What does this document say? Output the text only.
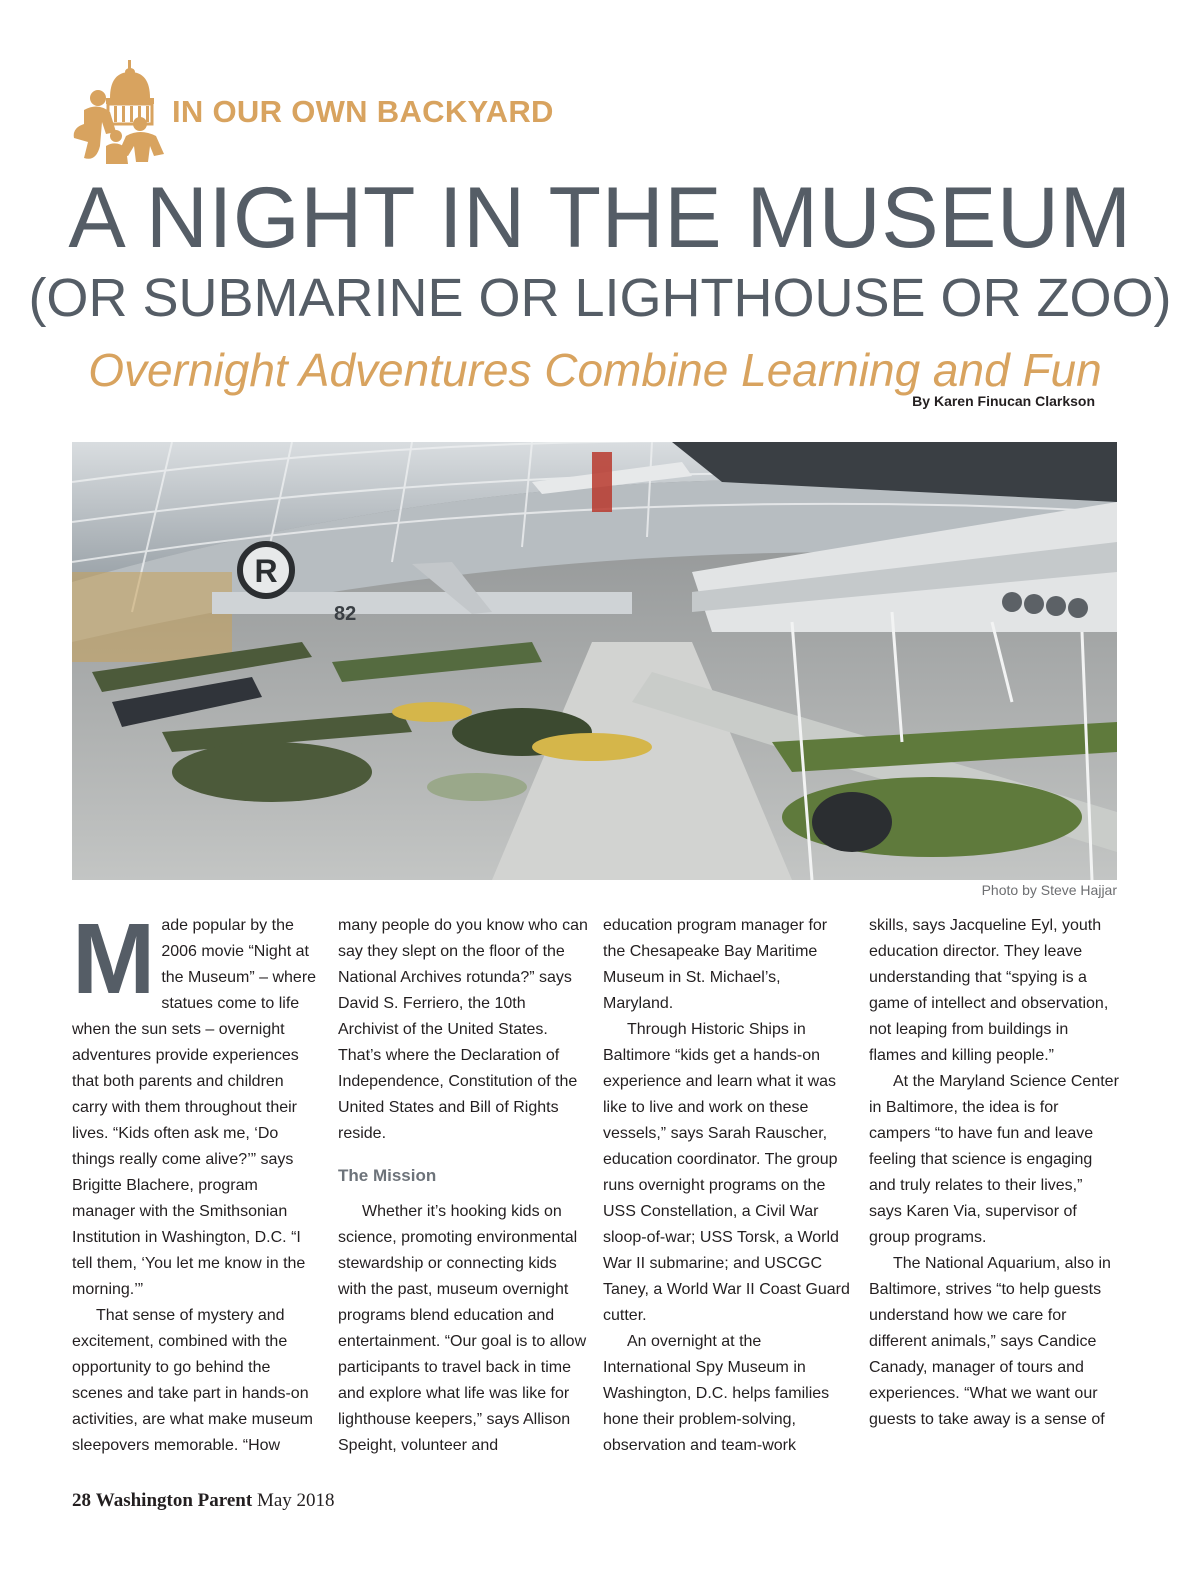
IN OUR OWN BACKYARD
A NIGHT IN THE MUSEUM
(OR SUBMARINE OR LIGHTHOUSE OR ZOO)
Overnight Adventures Combine Learning and Fun
By Karen Finucan Clarkson
R
82
Photo by Steve Hajjar
M ade popular by the 2006 movie “Night at the Museum” – where statues come to life when the sun sets – overnight adventures provide experiences that both parents and children carry with them throughout their lives. “Kids often ask me, ‘Do things really come alive?’” says Brigitte Blachere, program manager with the Smithsonian Institution in Washington, D.C. “I tell them, ‘You let me know in the morning.’”

That sense of mystery and excitement, combined with the opportunity to go behind the scenes and take part in hands-on activities, are what make museum sleepovers memorable. “How

many people do you know who can say they slept on the floor of the National Archives rotunda?” says David S. Ferriero, the 10th Archivist of the United States. That’s where the Declaration of Independence, Constitution of the United States and Bill of Rights reside.

The Mission

Whether it’s hooking kids on science, promoting environmental stewardship or connecting kids with the past, museum overnight programs blend education and entertainment. “Our goal is to allow participants to travel back in time and explore what life was like for lighthouse keepers,” says Allison Speight, volunteer and

education program manager for the Chesapeake Bay Maritime Museum in St. Michael’s, Maryland.

Through Historic Ships in Baltimore “kids get a hands-on experience and learn what it was like to live and work on these vessels,” says Sarah Rauscher, education coordinator. The group runs overnight programs on the USS Constellation, a Civil War sloop-of-war; USS Torsk, a World War II submarine; and USCGC Taney, a World War II Coast Guard cutter.

An overnight at the International Spy Museum in Washington, D.C. helps families hone their problem-solving, observation and team-work

skills, says Jacqueline Eyl, youth education director. They leave understanding that “spying is a game of intellect and observation, not leaping from buildings in flames and killing people.”

At the Maryland Science Center in Baltimore, the idea is for campers “to have fun and leave feeling that science is engaging and truly relates to their lives,” says Karen Via, supervisor of group programs.

The National Aquarium, also in Baltimore, strives “to help guests understand how we care for different animals,” says Candice Canady, manager of tours and experiences. “What we want our guests to take away is a sense of

28 Washington Parent May 2018
